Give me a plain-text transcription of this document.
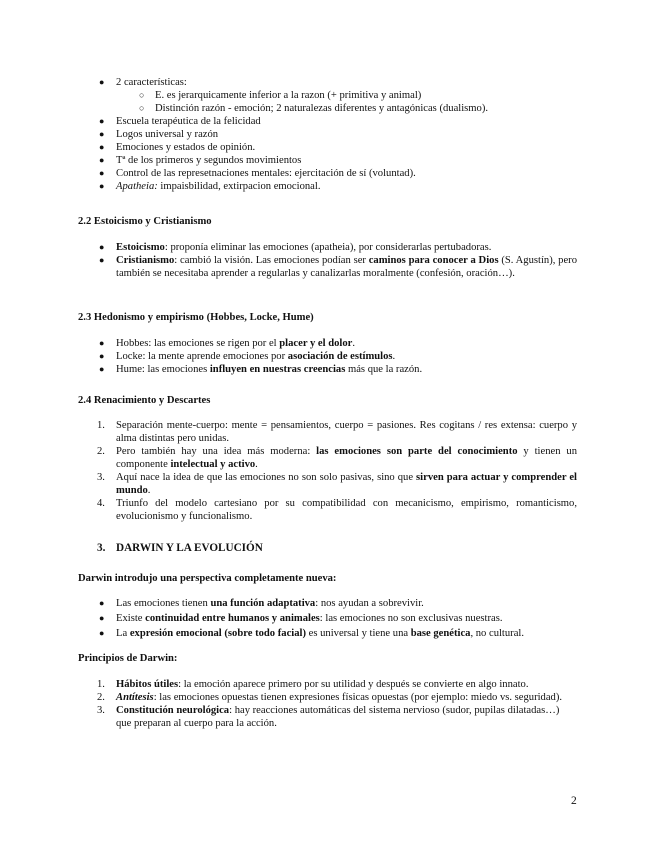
● 2 características:
○ E. es jerarquicamente inferior a la razon (+ primitiva y animal)
○ Distinción razón - emoción; 2 naturalezas diferentes y antagónicas (dualismo).
● Escuela terapéutica de la felicidad
● Logos universal y razón
● Emociones y estados de opinión.
● Tª de los primeros y segundos movimientos
● Control de las represetnaciones mentales: ejercitación de sí (voluntad).
● Apatheia: impaisbilidad, extirpacion emocional.
2.2 Estoicismo y Cristianismo
● Estoicismo: proponía eliminar las emociones (apatheia), por considerarlas pertubadoras.
● Cristianismo: cambió la visión. Las emociones podían ser caminos para conocer a Dios (S. Agustín), pero también se necesitaba aprender a regularlas y canalizarlas moralmente (confesión, oración…).
2.3 Hedonismo y empirismo (Hobbes, Locke, Hume)
● Hobbes: las emociones se rigen por el placer y el dolor.
● Locke: la mente aprende emociones por asociación de estímulos.
● Hume: las emociones influyen en nuestras creencias más que la razón.
2.4 Renacimiento y Descartes
1. Separación mente-cuerpo: mente = pensamientos, cuerpo = pasiones. Res cogitans / res extensa: cuerpo y alma distintas pero unidas.
2. Pero también hay una idea más moderna: las emociones son parte del conocimiento y tienen un componente intelectual y activo.
3. Aquí nace la idea de que las emociones no son solo pasivas, sino que sirven para actuar y comprender el mundo.
4. Triunfo del modelo cartesiano por su compatibilidad con mecanicismo, empirismo, romanticismo, evolucionismo y funcionalismo.
3. DARWIN Y LA EVOLUCIÓN
Darwin introdujo una perspectiva completamente nueva:
● Las emociones tienen una función adaptativa: nos ayudan a sobrevivir.
● Existe continuidad entre humanos y animales: las emociones no son exclusivas nuestras.
● La expresión emocional (sobre todo facial) es universal y tiene una base genética, no cultural.
Principios de Darwin:
1. Hábitos útiles: la emoción aparece primero por su utilidad y después se convierte en algo innato.
2. Antítesis: las emociones opuestas tienen expresiones físicas opuestas (por ejemplo: miedo vs. seguridad).
3. Constitución neurológica: hay reacciones automáticas del sistema nervioso (sudor, pupilas dilatadas…) que preparan al cuerpo para la acción.
2
